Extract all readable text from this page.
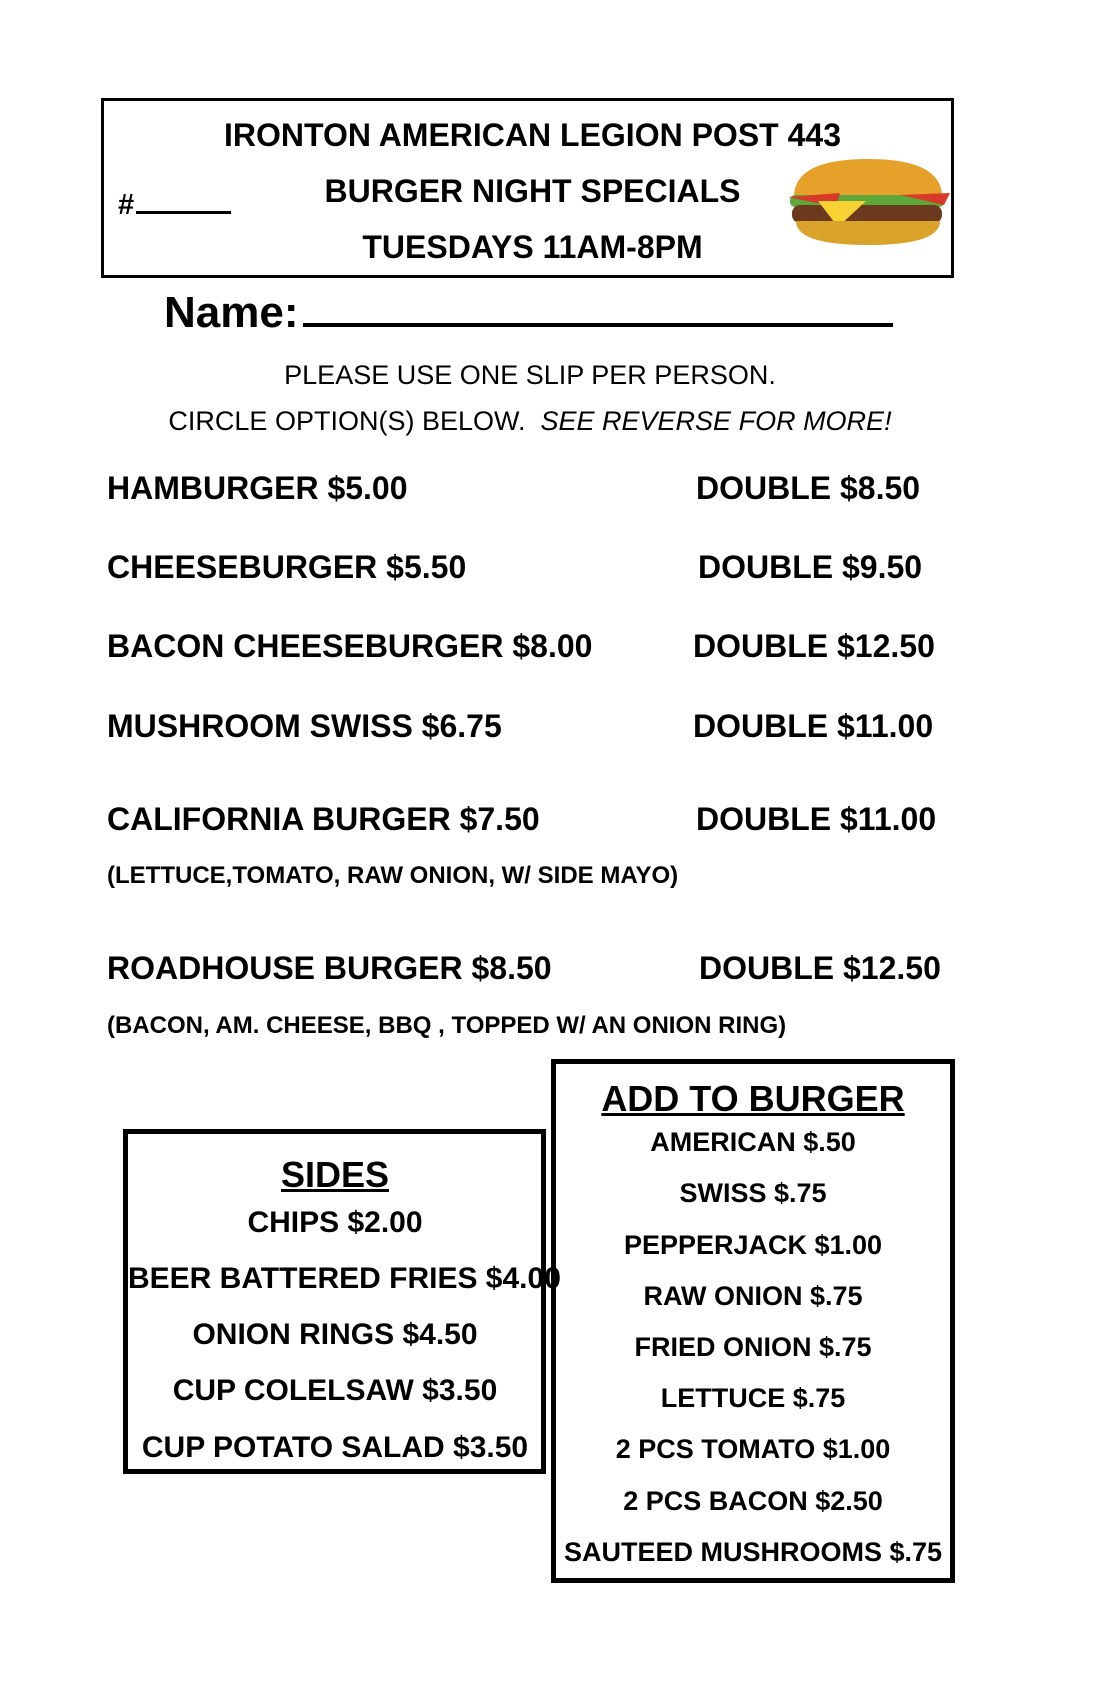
IRONTON AMERICAN LEGION POST 443
BURGER NIGHT SPECIALS
TUESDAYS 11AM-8PM
#
Name:
PLEASE USE ONE SLIP PER PERSON.
CIRCLE OPTION(S) BELOW. SEE REVERSE FOR MORE!
HAMBURGER $5.00	DOUBLE $8.50
CHEESEBURGER $5.50	DOUBLE $9.50
BACON CHEESEBURGER $8.00	DOUBLE $12.50
MUSHROOM SWISS $6.75	DOUBLE $11.00
CALIFORNIA BURGER $7.50	DOUBLE $11.00
(LETTUCE,TOMATO, RAW ONION, W/ SIDE MAYO)
ROADHOUSE BURGER $8.50	DOUBLE $12.50
(BACON, AM. CHEESE, BBQ , TOPPED W/ AN ONION RING)
SIDES
CHIPS $2.00
BEER BATTERED FRIES $4.00
ONION RINGS $4.50
CUP COLELSAW $3.50
CUP POTATO SALAD $3.50
ADD TO BURGER
AMERICAN $.50
SWISS $.75
PEPPERJACK $1.00
RAW ONION $.75
FRIED ONION $.75
LETTUCE $.75
2 PCS TOMATO $1.00
2 PCS BACON $2.50
SAUTEED MUSHROOMS $.75
